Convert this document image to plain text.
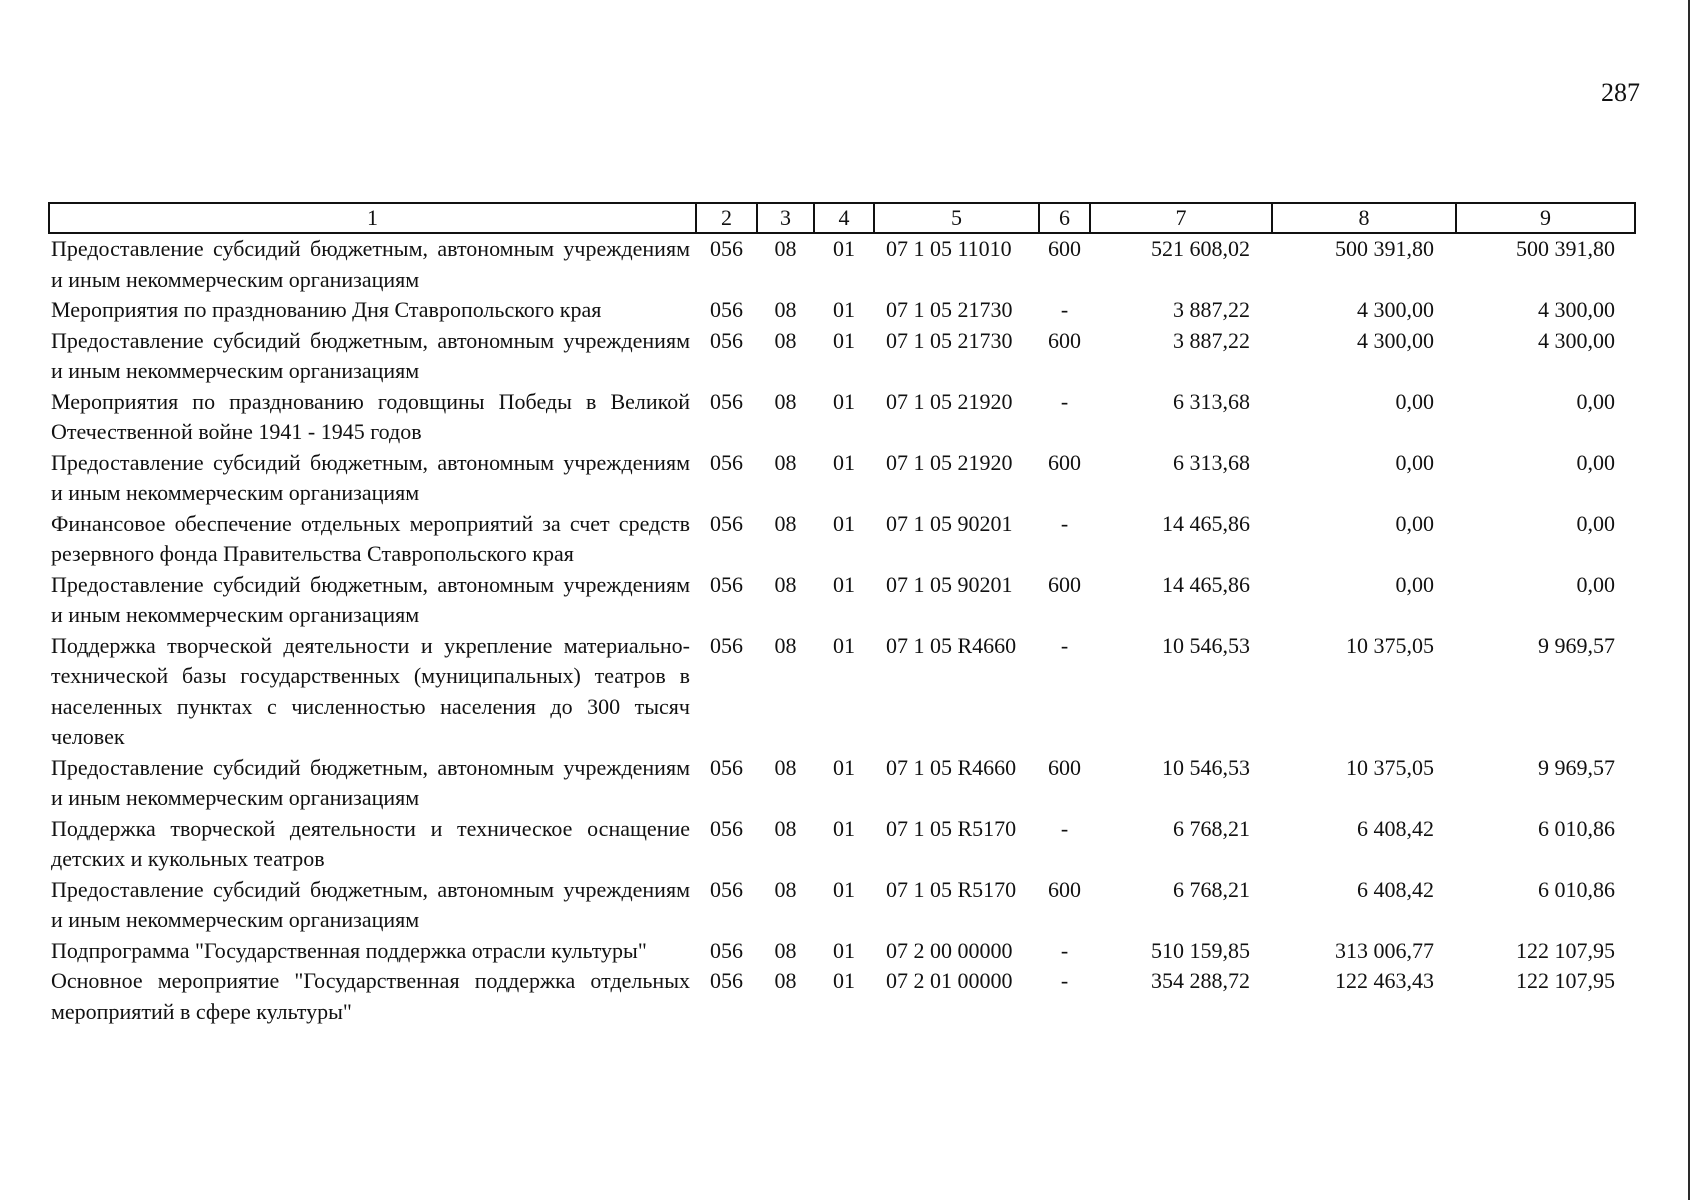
287
1	2	3	4	5	6	7	8	9
Предоставление субсидий бюджетным, автономным учреждениям и иным некоммерческим организациям	056	08	01	07 1 05 11010	600	521 608,02	500 391,80	500 391,80
Мероприятия по празднованию Дня Ставропольского края	056	08	01	07 1 05 21730	-	3 887,22	4 300,00	4 300,00
Предоставление субсидий бюджетным, автономным учреждениям и иным некоммерческим организациям	056	08	01	07 1 05 21730	600	3 887,22	4 300,00	4 300,00
Мероприятия по празднованию годовщины Победы в Великой Отечественной войне 1941 - 1945 годов	056	08	01	07 1 05 21920	-	6 313,68	0,00	0,00
Предоставление субсидий бюджетным, автономным учреждениям и иным некоммерческим организациям	056	08	01	07 1 05 21920	600	6 313,68	0,00	0,00
Финансовое обеспечение отдельных мероприятий за счет средств резервного фонда Правительства Ставропольского края	056	08	01	07 1 05 90201	-	14 465,86	0,00	0,00
Предоставление субсидий бюджетным, автономным учреждениям и иным некоммерческим организациям	056	08	01	07 1 05 90201	600	14 465,86	0,00	0,00
Поддержка творческой деятельности и укрепление материально-технической базы государственных (муниципальных) театров в населенных пунктах с численностью населения до 300 тысяч человек	056	08	01	07 1 05 R4660	-	10 546,53	10 375,05	9 969,57
Предоставление субсидий бюджетным, автономным учреждениям и иным некоммерческим организациям	056	08	01	07 1 05 R4660	600	10 546,53	10 375,05	9 969,57
Поддержка творческой деятельности и техническое оснащение детских и кукольных театров	056	08	01	07 1 05 R5170	-	6 768,21	6 408,42	6 010,86
Предоставление субсидий бюджетным, автономным учреждениям и иным некоммерческим организациям	056	08	01	07 1 05 R5170	600	6 768,21	6 408,42	6 010,86
Подпрограмма "Государственная поддержка отрасли культуры"	056	08	01	07 2 00 00000	-	510 159,85	313 006,77	122 107,95
Основное мероприятие "Государственная поддержка отдельных мероприятий в сфере культуры"	056	08	01	07 2 01 00000	-	354 288,72	122 463,43	122 107,95
